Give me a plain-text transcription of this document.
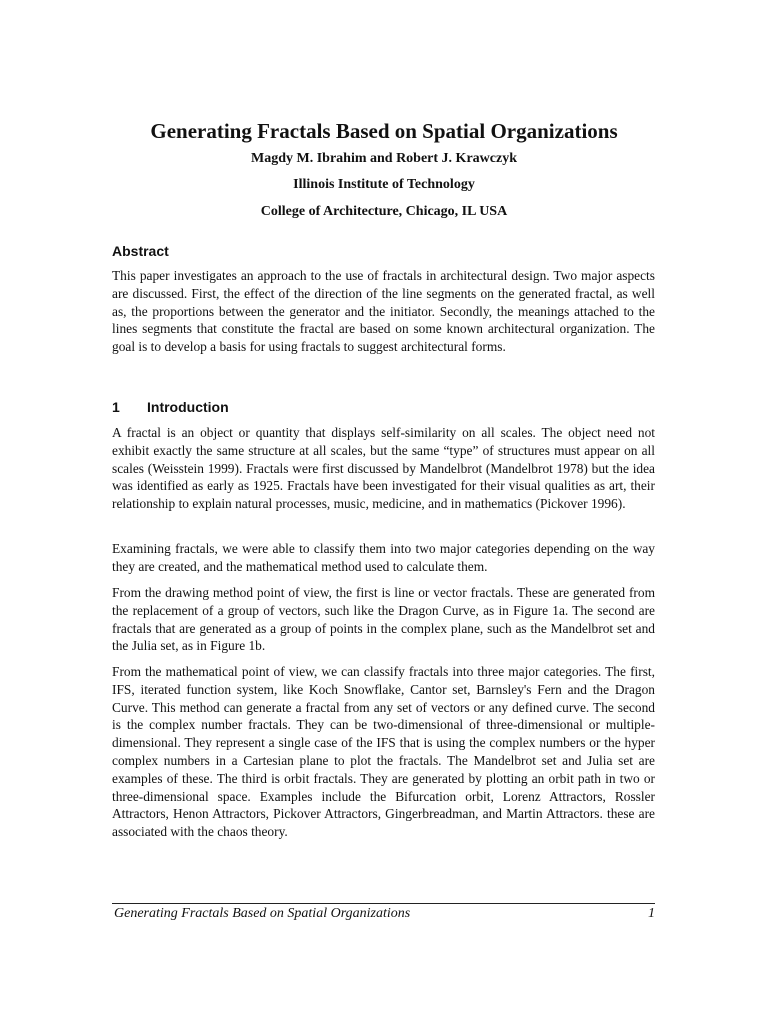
Generating Fractals Based on Spatial Organizations

Magdy M. Ibrahim and Robert J. Krawczyk

Illinois Institute of Technology

College of Architecture, Chicago, IL USA

Abstract

This paper investigates an approach to the use of fractals in architectural design. Two major aspects are discussed. First, the effect of the direction of the line segments on the generated fractal, as well as, the proportions between the generator and the initiator. Secondly, the meanings attached to the lines segments that constitute the fractal are based on some known architectural organization. The goal is to develop a basis for using fractals to suggest architectural forms.

1 Introduction

A fractal is an object or quantity that displays self-similarity on all scales. The object need not exhibit exactly the same structure at all scales, but the same “type” of structures must appear on all scales (Weisstein 1999). Fractals were first discussed by Mandelbrot (Mandelbrot 1978) but the idea was identified as early as 1925. Fractals have been investigated for their visual qualities as art, their relationship to explain natural processes, music, medicine, and in mathematics (Pickover 1996).

Examining fractals, we were able to classify them into two major categories depending on the way they are created, and the mathematical method used to calculate them.

From the drawing method point of view, the first is line or vector fractals. These are generated from the replacement of a group of vectors, such like the Dragon Curve, as in Figure 1a. The second are fractals that are generated as a group of points in the complex plane, such as the Mandelbrot set and the Julia set, as in Figure 1b.

From the mathematical point of view, we can classify fractals into three major categories. The first, IFS, iterated function system, like Koch Snowflake, Cantor set, Barnsley's Fern and the Dragon Curve. This method can generate a fractal from any set of vectors or any defined curve. The second is the complex number fractals. They can be two-dimensional of three-dimensional or multiple-dimensional. They represent a single case of the IFS that is using the complex numbers or the hyper complex numbers in a Cartesian plane to plot the fractals. The Mandelbrot set and Julia set are examples of these. The third is orbit fractals. They are generated by plotting an orbit path in two or three-dimensional space. Examples include the Bifurcation orbit, Lorenz Attractors, Rossler Attractors, Henon Attractors, Pickover Attractors, Gingerbreadman, and Martin Attractors. these are associated with the chaos theory.

Generating Fractals Based on Spatial Organizations	1
